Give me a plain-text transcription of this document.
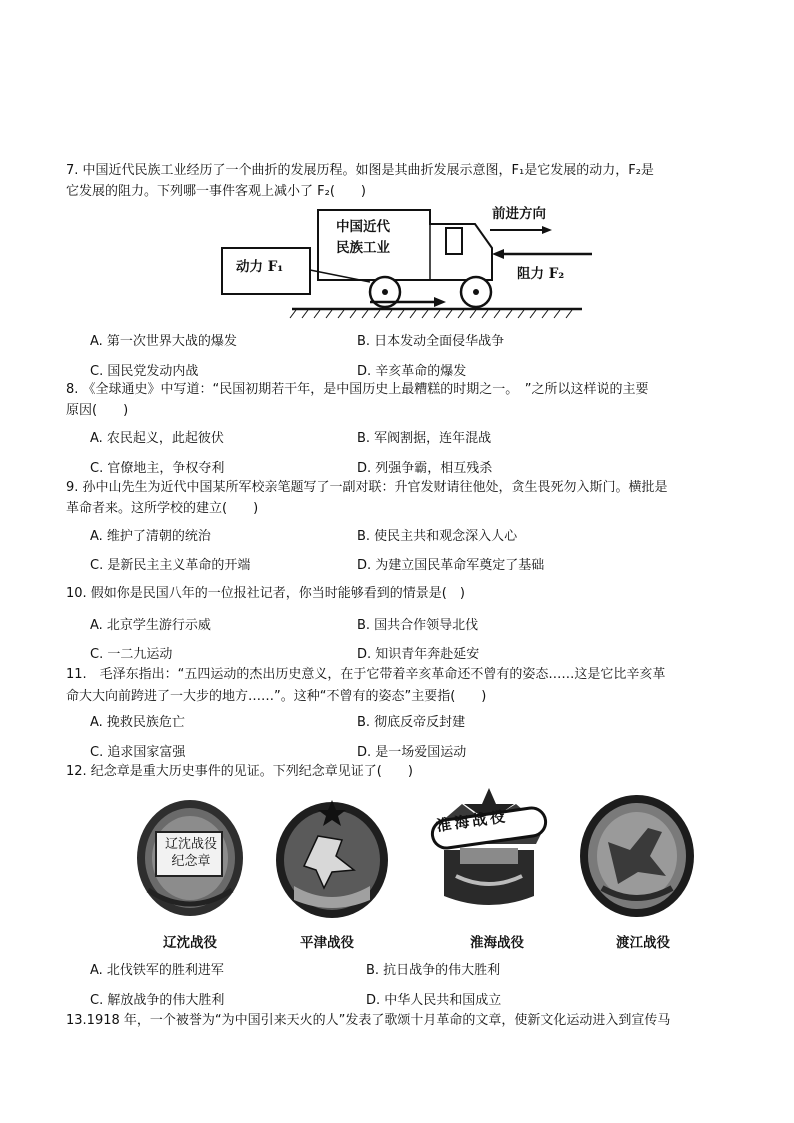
7. 中国近代民族工业经历了一个曲折的发展历程。如图是其曲折发展示意图，F₁是它发展的动力，F₂是
它发展的阻力。下列哪一事件客观上减小了 F₂(　　)
中国近代
民族工业
前进方向
动力 F₁	阻力 F₂
A. 第一次世界大战的爆发	B. 日本发动全面侵华战争
C. 国民党发动内战	D. 辛亥革命的爆发
8. 《全球通史》中写道：“民国初期若干年，是中国历史上最糟糕的时期之一。　”之所以这样说的主要
原因(　　)
A. 农民起义，此起彼伏	B. 军阀割据，连年混战
C. 官僚地主，争权夺利	D. 列强争霸，相互残杀
9. 孙中山先生为近代中国某所军校亲笔题写了一副对联：升官发财请往他处，贪生畏死勿入斯门。横批是
革命者来。这所学校的建立(　　)
A. 维护了清朝的统治	B. 使民主共和观念深入人心
C. 是新民主主义革命的开端	D. 为建立国民革命军奠定了基础
10. 假如你是民国八年的一位报社记者，你当时能够看到的情景是(　)
A. 北京学生游行示威	B. 国共合作领导北伐
C. 一二九运动	D. 知识青年奔赴延安
11.　毛泽东指出：“五四运动的杰出历史意义，在于它带着辛亥革命还不曾有的姿态……这是它比辛亥革
命大大向前跨进了一大步的地方……”。这种“不曾有的姿态”主要指(　　)
A. 挽救民族危亡	B. 彻底反帝反封建
C. 追求国家富强	D. 是一场爱国运动
12. 纪念章是重大历史事件的见证。下列纪念章见证了(　　)
辽沈战役纪念章
淮海战役
辽沈战役	平津战役	淮海战役	渡江战役
A. 北伐铁军的胜利进军	B. 抗日战争的伟大胜利
C. 解放战争的伟大胜利	D. 中华人民共和国成立
13.1918 年，一个被誉为“为中国引来天火的人”发表了歌颂十月革命的文章，使新文化运动进入到宣传马
